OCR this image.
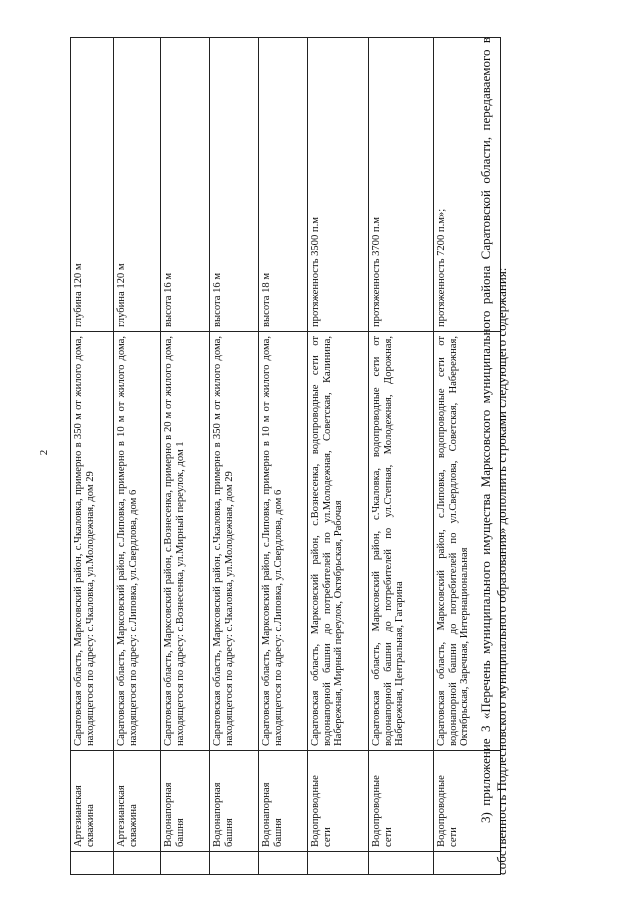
2
	Артезианская скважина	Саратовская область, Марксовский район, с.Чкаловка, примерно в 350 м от жилого дома, находящегося по адресу: с.Чкаловка, ул.Молодежная, дом 29	глубина 120 м
	Артезианская скважина	Саратовская область, Марксовский район, с.Липовка, примерно в 10 м от жилого дома, находящегося по адресу: с.Липовка, ул.Свердлова, дом 6	глубина 120 м
	Водонапорная башня	Саратовская область, Марксовский район, с.Вознесенка, примерно в 20 м от жилого дома, находящегося по адресу: с.Вознесенка, ул.Мирный переулок, дом 1	высота 16 м
	Водонапорная башня	Саратовская область, Марксовский район, с.Чкаловка, примерно в 350 м от жилого дома, находящегося по адресу: с.Чкаловка, ул.Молодежная, дом 29	высота 16 м
	Водонапорная башня	Саратовская область, Марксовский район, с.Липовка, примерно в 10 м от жилого дома, находящегося по адресу: с.Липовка, ул.Свердлова, дом 6	высота 18 м
	Водопроводные сети	Саратовская область, Марксовский район, с.Вознесенка, водопроводные сети от водонапорной башни до потребителей по ул.Молодежная, Советская, Калинина, Набережная, Мирный переулок, Октябрьская, Рабочая	протяженность 3500 п.м
	Водопроводные сети	Саратовская область, Марксовский район, с.Чкаловка, водопроводные сети от водонапорной башни до потребителей по ул.Степная, Молодежная, Дорожная, Набережная, Центральная, Гагарина	протяженность 3700 п.м
	Водопроводные сети	Саратовская область, Марксовский район, с.Липовка, водопроводные сети от водонапорной башни до потребителей по ул.Свердлова, Советская, Набережная, Октябрьская, Заречная, Интернациональная	протяженность 7200 п.м»; 3) приложение 3 «Перечень муниципального имущества Марксовского муниципального района Саратовской области, передаваемого в собственность Подлесновского муниципального образования» дополнить строками следующего содержания:
